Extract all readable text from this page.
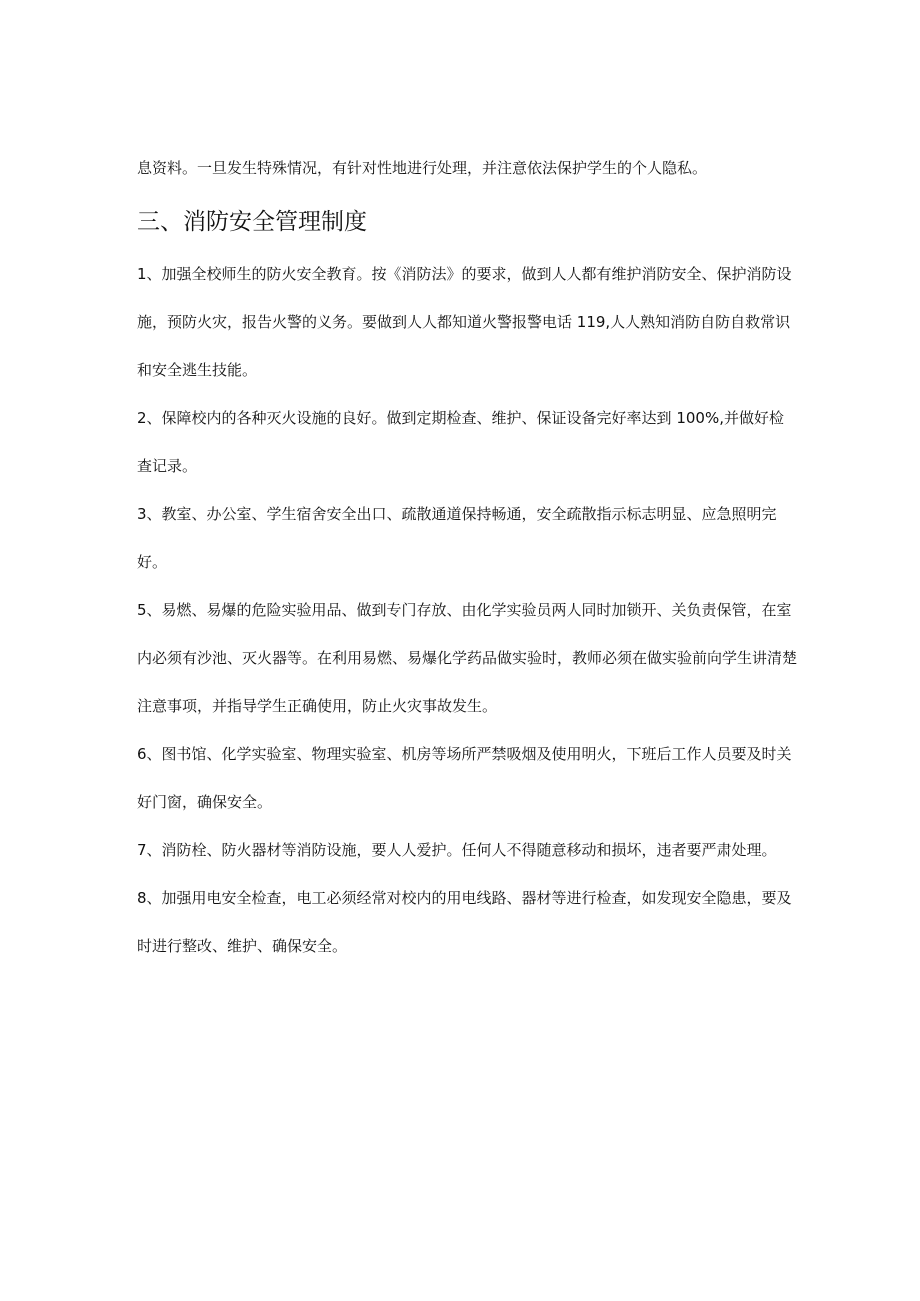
息资料。一旦发生特殊情况，有针对性地进行处理，并注意依法保护学生的个人隐私。

三、消防安全管理制度

1、加强全校师生的防火安全教育。按《消防法》的要求，做到人人都有维护消防安全、保护消防设施，预防火灾，报告火警的义务。要做到人人都知道火警报警电话 119,人人熟知消防自防自救常识和安全逃生技能。

2、保障校内的各种灭火设施的良好。做到定期检查、维护、保证设备完好率达到 100%,并做好检查记录。

3、教室、办公室、学生宿舍安全出口、疏散通道保持畅通，安全疏散指示标志明显、应急照明完好。

5、易燃、易爆的危险实验用品、做到专门存放、由化学实验员两人同时加锁开、关负责保管，在室内必须有沙池、灭火器等。在利用易燃、易爆化学药品做实验时，教师必须在做实验前向学生讲清楚注意事项，并指导学生正确使用，防止火灾事故发生。

6、图书馆、化学实验室、物理实验室、机房等场所严禁吸烟及使用明火，下班后工作人员要及时关好门窗，确保安全。

7、消防栓、防火器材等消防设施，要人人爱护。任何人不得随意移动和损坏，违者要严肃处理。

8、加强用电安全检查，电工必须经常对校内的用电线路、器材等进行检查，如发现安全隐患，要及时进行整改、维护、确保安全。
